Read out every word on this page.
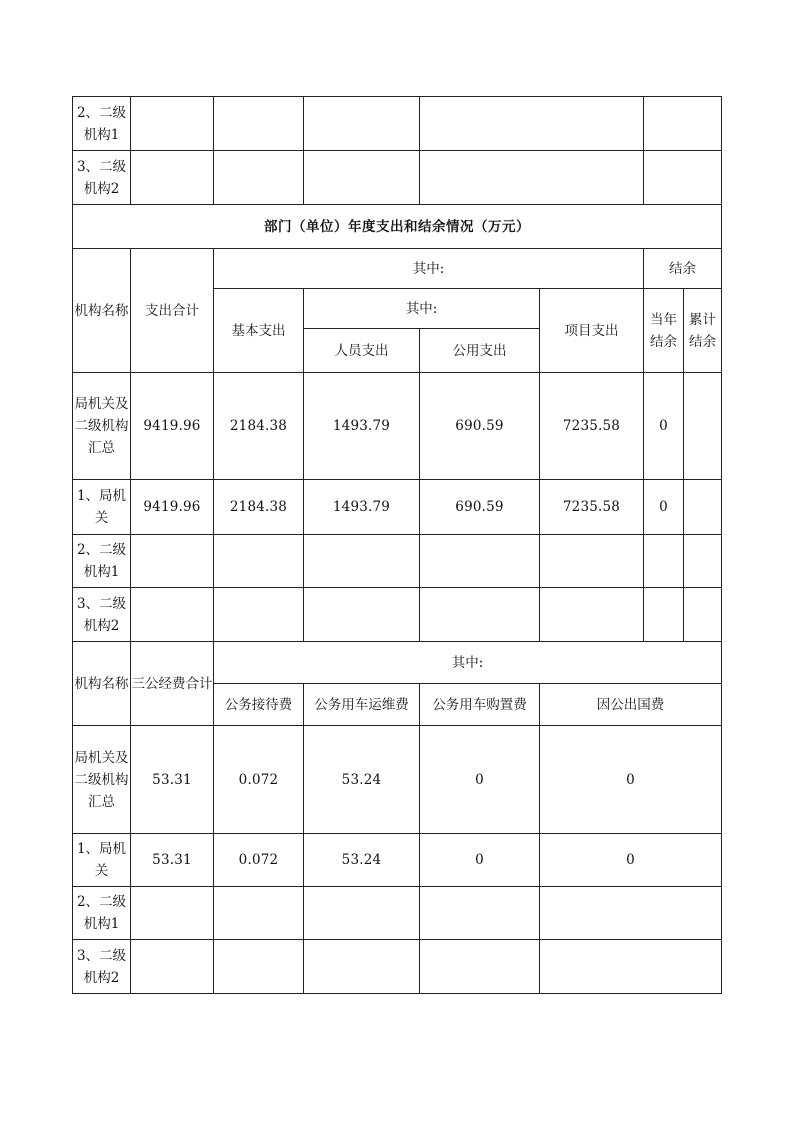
2、二级机构1							
3、二级机构2							
部门（单位）年度支出和结余情况（万元）							
机构名称	支出合计	其中:				结余	
		基本支出	其中:		项目支出	当年结余	累计结余
			人员支出	公用支出			
局机关及二级机构汇总	9419.96	2184.38	1493.79	690.59	7235.58	0	
1、局机关	9419.96	2184.38	1493.79	690.59	7235.58	0	
2、二级机构1							
3、二级机构2							
机构名称	三公经费合计	其中:					
		公务接待费	公务用车运维费	公务用车购置费	因公出国费		
局机关及二级机构汇总	53.31	0.072	53.24	0	0		
1、局机关	53.31	0.072	53.24	0	0		
2、二级机构1							
3、二级机构2							
